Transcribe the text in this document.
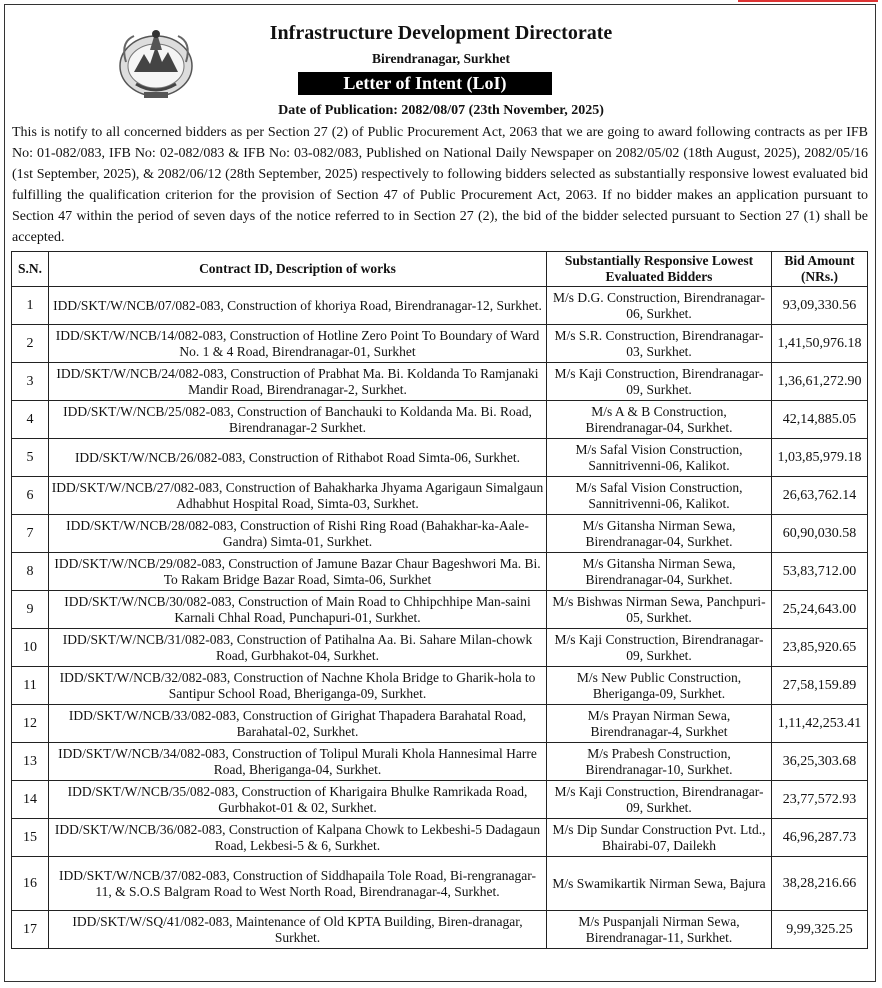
Infrastructure Development Directorate
Birendranagar, Surkhet
Letter of Intent (LoI)
Date of Publication: 2082/08/07 (23th November, 2025)
This is notify to all concerned bidders as per Section 27 (2) of Public Procurement Act, 2063 that we are going to award following contracts as per IFB No: 01-082/083, IFB No: 02-082/083 & IFB No: 03-082/083, Published on National Daily Newspaper on 2082/05/02 (18th August, 2025), 2082/05/16 (1st September, 2025), & 2082/06/12 (28th September, 2025) respectively to following bidders selected as substantially responsive lowest evaluated bid fulfilling the qualification criterion for the provision of Section 47 of Public Procurement Act, 2063. If no bidder makes an application pursuant to Section 47 within the period of seven days of the notice referred to in Section 27 (2), the bid of the bidder selected pursuant to Section 27 (1) shall be accepted.
S.N.	Contract ID, Description of works	Substantially Responsive Lowest Evaluated Bidders	Bid Amount (NRs.)
1	IDD/SKT/W/NCB/07/082-083, Construction of khoriya Road, Birendranagar-12, Surkhet.	M/s D.G. Construction, Birendranagar-06, Surkhet.	93,09,330.56
2	IDD/SKT/W/NCB/14/082-083, Construction of Hotline Zero Point To Boundary of Ward No. 1 & 4 Road, Birendranagar-01, Surkhet	M/s S.R. Construction, Birendranagar-03, Surkhet.	1,41,50,976.18
3	IDD/SKT/W/NCB/24/082-083, Construction of Prabhat Ma. Bi. Koldanda To Ramjanaki Mandir Road, Birendranagar-2, Surkhet.	M/s Kaji Construction, Birendranagar-09, Surkhet.	1,36,61,272.90
4	IDD/SKT/W/NCB/25/082-083, Construction of Banchauki to Koldanda Ma. Bi. Road, Birendranagar-2 Surkhet.	M/s A & B Construction, Birendranagar-04, Surkhet.	42,14,885.05
5	IDD/SKT/W/NCB/26/082-083, Construction of Rithabot Road Simta-06, Surkhet.	M/s Safal Vision Construction, Sannitrivenni-06, Kalikot.	1,03,85,979.18
6	IDD/SKT/W/NCB/27/082-083, Construction of Bahakharka Jhyama Agarigaun Simalgaun Adhabhut Hospital Road, Simta-03, Surkhet.	M/s Safal Vision Construction, Sannitrivenni-06, Kalikot.	26,63,762.14
7	IDD/SKT/W/NCB/28/082-083, Construction of Rishi Ring Road (Bahakhar-ka-Aale-Gandra) Simta-01, Surkhet.	M/s Gitansha Nirman Sewa, Birendranagar-04, Surkhet.	60,90,030.58
8	IDD/SKT/W/NCB/29/082-083, Construction of Jamune Bazar Chaur Bageshwori Ma. Bi. To Rakam Bridge Bazar Road, Simta-06, Surkhet	M/s Gitansha Nirman Sewa, Birendranagar-04, Surkhet.	53,83,712.00
9	IDD/SKT/W/NCB/30/082-083, Construction of Main Road to Chhipchhipe Man-saini Karnali Chhal Road, Punchapuri-01, Surkhet.	M/s Bishwas Nirman Sewa, Panchpuri-05, Surkhet.	25,24,643.00
10	IDD/SKT/W/NCB/31/082-083, Construction of Patihalna Aa. Bi. Sahare Milan-chowk Road, Gurbhakot-04, Surkhet.	M/s Kaji Construction, Birendranagar-09, Surkhet.	23,85,920.65
11	IDD/SKT/W/NCB/32/082-083, Construction of Nachne Khola Bridge to Gharik-hola to Santipur School Road, Bheriganga-09, Surkhet.	M/s New Public Construction, Bheriganga-09, Surkhet.	27,58,159.89
12	IDD/SKT/W/NCB/33/082-083, Construction of Girighat Thapadera Barahatal Road, Barahatal-02, Surkhet.	M/s Prayan Nirman Sewa, Birendranagar-4, Surkhet	1,11,42,253.41
13	IDD/SKT/W/NCB/34/082-083, Construction of Tolipul Murali Khola Hannesimal Harre Road, Bheriganga-04, Surkhet.	M/s Prabesh Construction, Birendranagar-10, Surkhet.	36,25,303.68
14	IDD/SKT/W/NCB/35/082-083, Construction of Kharigaira Bhulke Ramrikada Road, Gurbhakot-01 & 02, Surkhet.	M/s Kaji Construction, Birendranagar-09, Surkhet.	23,77,572.93
15	IDD/SKT/W/NCB/36/082-083, Construction of Kalpana Chowk to Lekbeshi-5 Dadagaun Road, Lekbesi-5 & 6, Surkhet.	M/s Dip Sundar Construction Pvt. Ltd., Bhairabi-07, Dailekh	46,96,287.73
16	IDD/SKT/W/NCB/37/082-083, Construction of Siddhapaila Tole Road, Bi-rengranagar-11, & S.O.S Balgram Road to West North Road, Birendranagar-4, Surkhet.	M/s Swamikartik Nirman Sewa, Bajura	38,28,216.66
17	IDD/SKT/W/SQ/41/082-083, Maintenance of Old KPTA Building, Biren-dranagar, Surkhet.	M/s Puspanjali Nirman Sewa, Birendranagar-11, Surkhet.	9,99,325.25
